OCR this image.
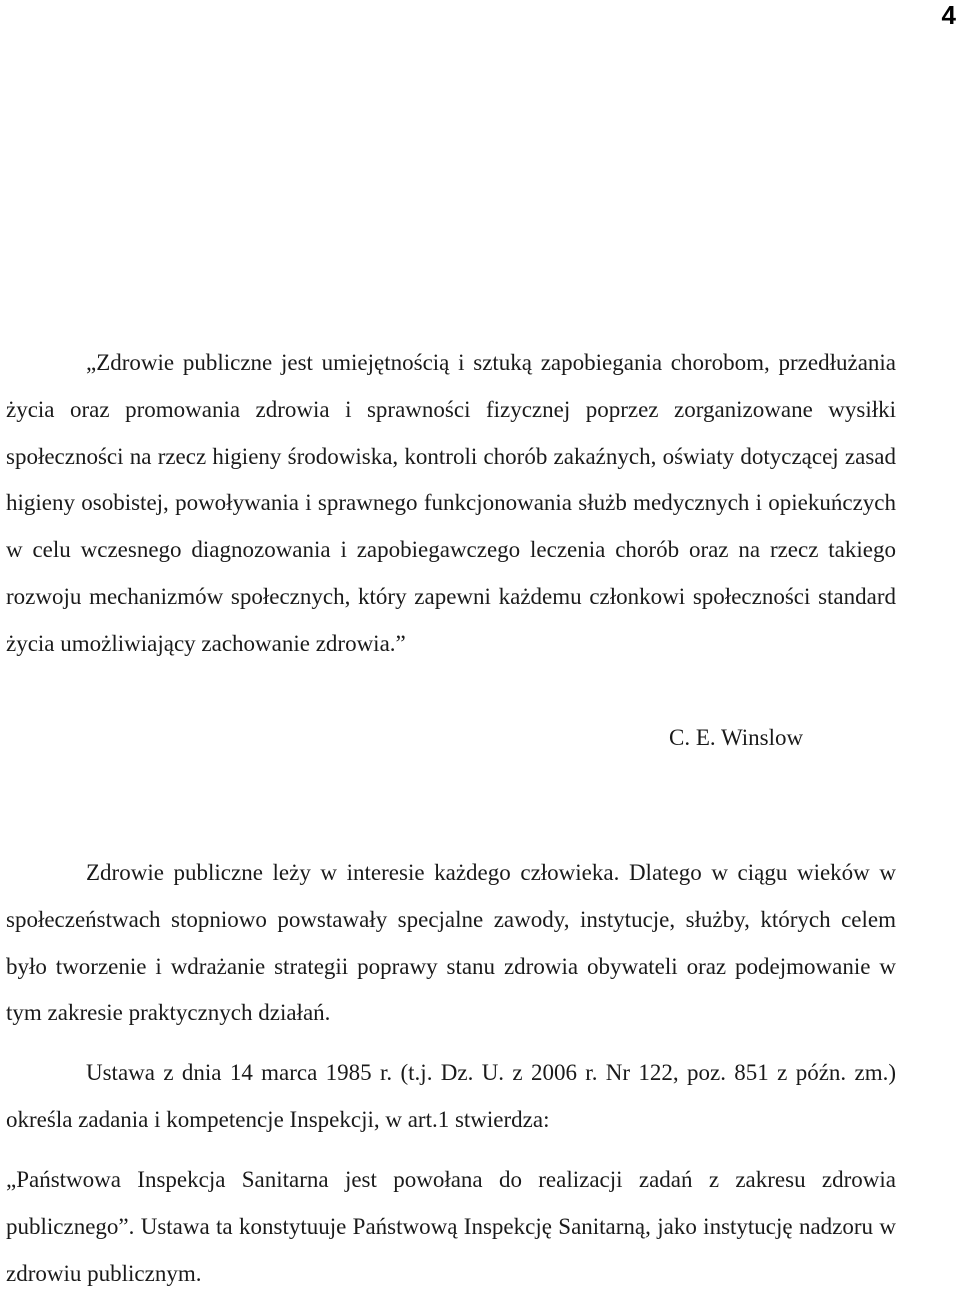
4

„Zdrowie publiczne jest umiejętnością i sztuką zapobiegania chorobom, przedłużania życia oraz promowania zdrowia i sprawności fizycznej poprzez zorganizowane wysiłki społeczności na rzecz higieny środowiska, kontroli chorób zakaźnych, oświaty dotyczącej zasad higieny osobistej, powoływania i sprawnego funkcjonowania służb medycznych i opiekuńczych w celu wczesnego diagnozowania i zapobiegawczego leczenia chorób oraz na rzecz takiego rozwoju mechanizmów społecznych, który zapewni każdemu członkowi społeczności standard życia umożliwiający zachowanie zdrowia.”

C. E. Winslow

Zdrowie publiczne leży w interesie każdego człowieka. Dlatego w ciągu wieków w społeczeństwach stopniowo powstawały specjalne zawody, instytucje, służby, których celem było tworzenie i wdrażanie strategii poprawy stanu zdrowia obywateli oraz podejmowanie w tym zakresie praktycznych działań.

Ustawa z dnia 14 marca 1985 r. (t.j. Dz. U. z 2006 r. Nr 122, poz. 851 z późn. zm.) określa zadania i kompetencje Inspekcji, w art.1 stwierdza:

„Państwowa Inspekcja Sanitarna jest powołana do realizacji zadań z zakresu zdrowia publicznego”. Ustawa ta konstytuuje Państwową Inspekcję Sanitarną, jako instytucję nadzoru w zdrowiu publicznym.
